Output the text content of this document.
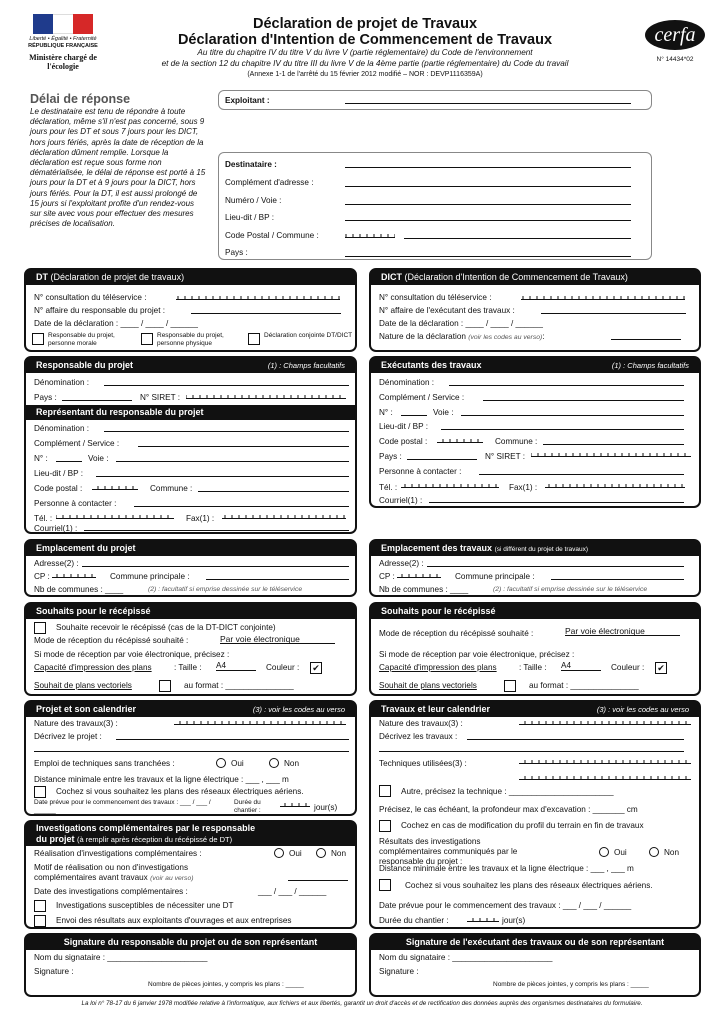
Liberté • Égalité • Fraternité
RÉPUBLIQUE FRANÇAISE
Ministère chargé de l'écologie
Déclaration de projet de Travaux
Déclaration d'Intention de Commencement de Travaux
Au titre du chapitre IV du titre V du livre V (partie réglementaire) du Code de l'environnement
et de la section 12 du chapitre IV du titre III du livre V de la 4ème partie (partie réglementaire) du Code du travail
(Annexe 1-1 de l'arrêté du 15 février 2012 modifié – NOR : DEVP1116359A)
cerfa
N° 14434*02
Délai de réponse
Le destinataire est tenu de répondre à toute déclaration, même s'il n'est pas concerné, sous 9 jours pour les DT et sous 7 jours pour les DICT, hors jours fériés, après la date de réception de la déclaration dûment remplie. Lorsque la déclaration est reçue sous forme non dématérialisée, le délai de réponse est porté à 15 jours pour la DT et à 9 jours pour la DICT, hors jours fériés. Pour la DT, il est aussi prolongé de 15 jours si l'exploitant profite d'un rendez-vous sur site avec vous pour effectuer des mesures précises de localisation.
Exploitant :
Destinataire :
Complément d'adresse :
Numéro / Voie :
Lieu-dit / BP :
Code Postal / Commune :
Pays :
DT (Déclaration de projet de travaux)
N° consultation du téléservice :
N° affaire du responsable du projet :
Date de la déclaration : ____ / ____ / ______
Responsable du projet, personne morale
Responsable du projet, personne physique
Déclaration conjointe DT/DICT
DICT (Déclaration d'Intention de Commencement de Travaux)
N° consultation du téléservice :
N° affaire de l'exécutant des travaux :
Date de la déclaration : ____ / ____ / ______
Nature de la déclaration (voir les codes au verso):
Responsable du projet	(1) : Champs facultatifs
Dénomination :
Pays :	N° SIRET :
Représentant du responsable du projet
Dénomination :
Complément / Service :
N° :	Voie :
Lieu-dit / BP :
Code postal :	Commune :
Personne à contacter :
Tél. :	Fax(1) :
Courriel(1) :
Exécutants des travaux	(1) : Champs facultatifs
Dénomination :
Complément / Service :
N° :	Voie :
Lieu-dit / BP :
Code postal :	Commune :
Pays :	N° SIRET :
Personne à contacter :
Tél. :	Fax(1) :
Courriel(1) :
Emplacement du projet
Adresse(2) :
CP :	Commune principale :
Nb de communes : ____	(2) : facultatif si emprise dessinée sur le téléservice
Emplacement des travaux (si différent du projet de travaux)
Adresse(2) :
CP :	Commune principale :
Nb de communes : ____	(2) : facultatif si emprise dessinée sur le téléservice
Souhaits pour le récépissé
Souhaite recevoir le récépissé (cas de la DT-DICT conjointe)
Mode de réception du récépissé souhaité :	Par voie électronique
Si mode de réception par voie électronique, précisez :
Capacité d'impression des plans	: Taille : A4	Couleur : ✔
Souhait de plans vectoriels	au format : _______________
Souhaits pour le récépissé
Mode de réception du récépissé souhaité :	Par voie électronique
Si mode de réception par voie électronique, précisez :
Capacité d'impression des plans	: Taille : A4	Couleur : ✔
Souhait de plans vectoriels	au format : _______________
Projet et son calendrier	(3) : voir les codes au verso
Nature des travaux(3) :
Décrivez le projet :
Emploi de techniques sans tranchées :	Oui	Non
Distance minimale entre les travaux et la ligne électrique : ___ , ___ m
Cochez si vous souhaitez les plans des réseaux électriques aériens.
Date prévue pour le commencement des travaux : ___ / ___ / ______
Durée du chantier :	jour(s)
Travaux et leur calendrier	(3) : voir les codes au verso
Nature des travaux(3) :
Décrivez les travaux :
Techniques utilisées(3) :
Autre, précisez la technique : _______________________
Précisez, le cas échéant, la profondeur max d'excavation : _______ cm
Cochez en cas de modification du profil du terrain en fin de travaux
Résultats des investigations complémentaires communiqués par le responsable du projet :
Oui	Non
Distance minimale entre les travaux et la ligne électrique : ___ , ___ m
Cochez si vous souhaitez les plans des réseaux électriques aériens.
Date prévue pour le commencement des travaux : ___ / ___ / ______
Durée du chantier :	jour(s)
Investigations complémentaires par le responsable
du projet (à remplir après réception du récépissé de DT)
Réalisation d'investigations complémentaires :	Oui	Non
Motif de réalisation ou non d'investigations
complémentaires avant travaux (voir au verso)
Date des investigations complémentaires :	___ / ___ / ______
Investigations susceptibles de nécessiter une DT
Envoi des résultats aux exploitants d'ouvrages et aux entreprises
Signature du responsable du projet ou de son représentant
Nom du signataire : ______________________
Signature :
Nombre de pièces jointes, y compris les plans : _____
Signature de l'exécutant des travaux ou de son représentant
Nom du signataire : ______________________
Signature :
Nombre de pièces jointes, y compris les plans : _____
La loi n° 78-17 du 6 janvier 1978 modifiée relative à l'informatique, aux fichiers et aux libertés, garantit un droit d'accès et de rectification des données auprès des organismes destinataires du formulaire.
